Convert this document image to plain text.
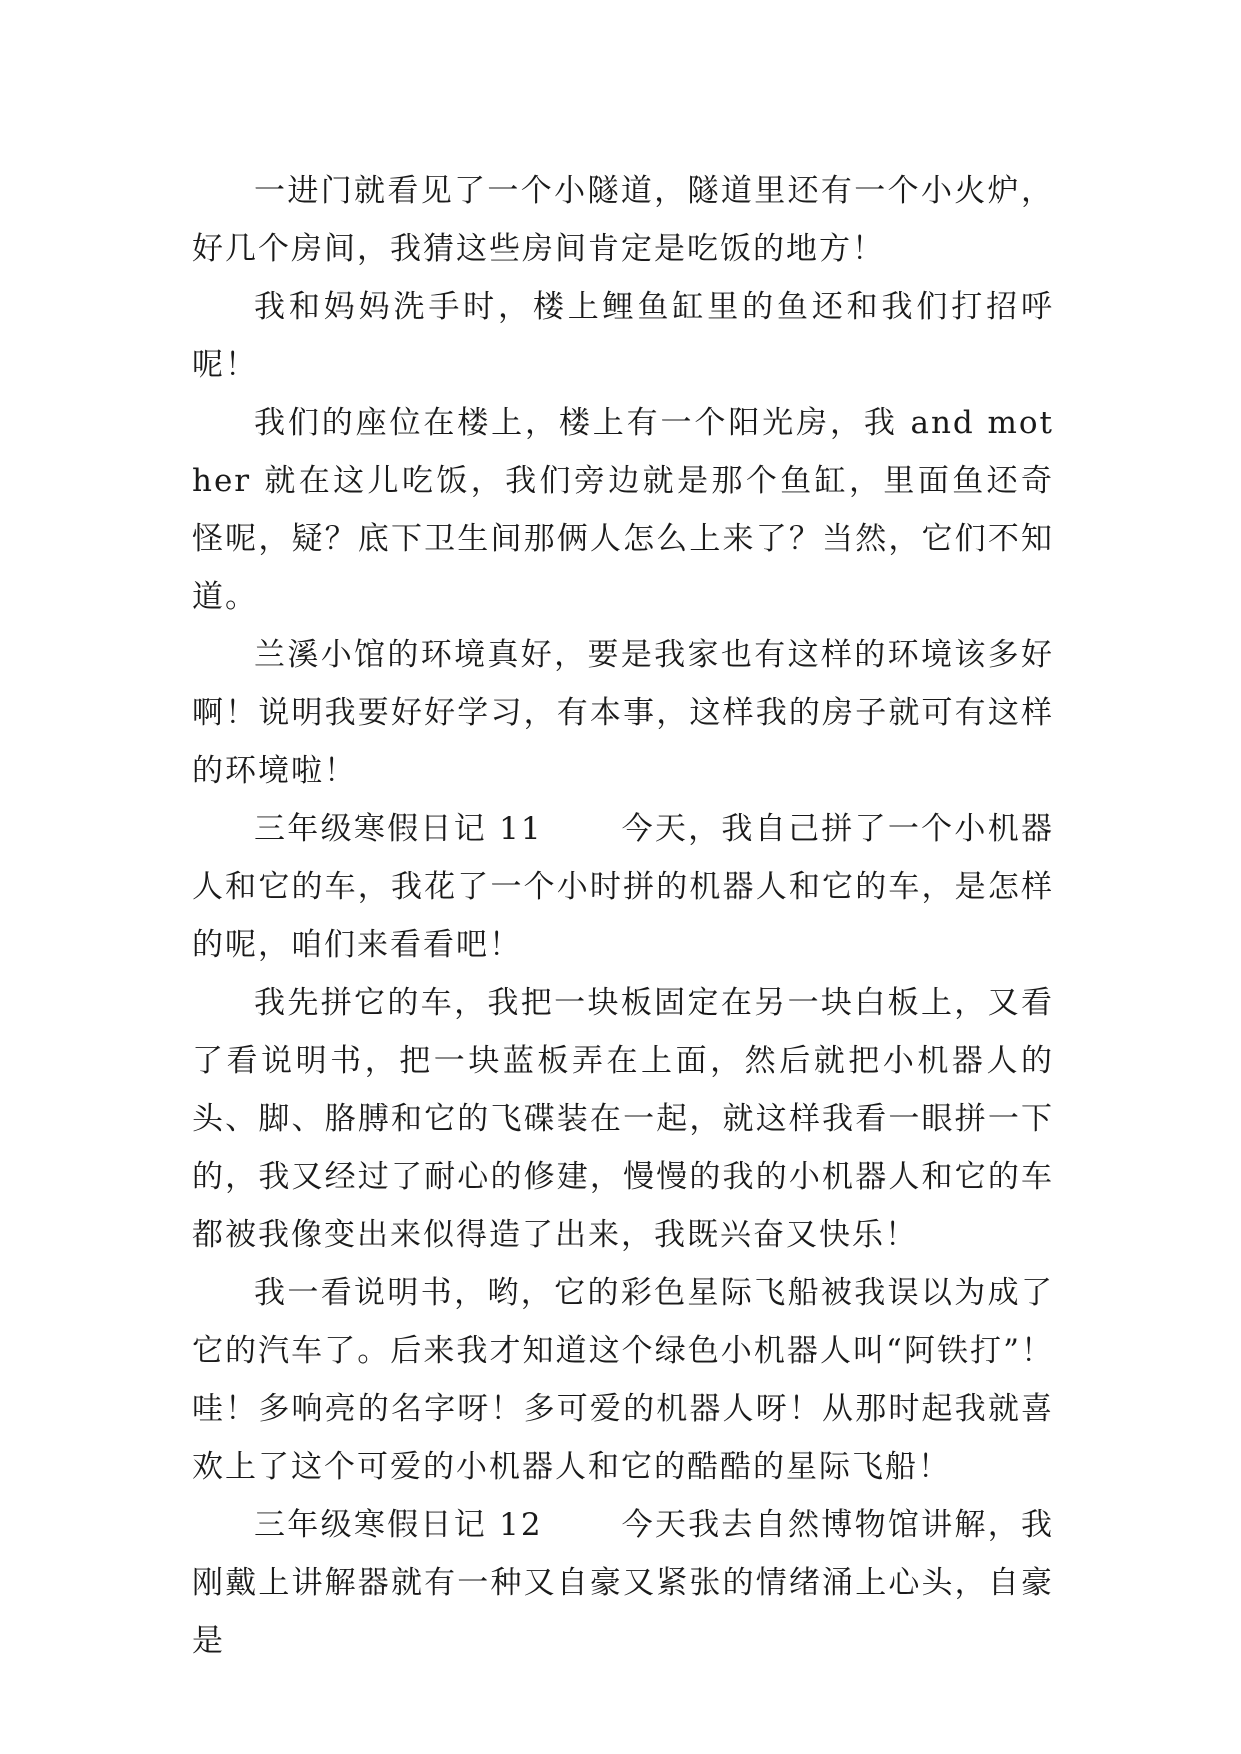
一进门就看见了一个小隧道，隧道里还有一个小火炉，好几个房间，我猜这些房间肯定是吃饭的地方！

我和妈妈洗手时，楼上鲤鱼缸里的鱼还和我们打招呼呢！

我们的座位在楼上，楼上有一个阳光房，我 and mother 就在这儿吃饭，我们旁边就是那个鱼缸，里面鱼还奇怪呢，疑？底下卫生间那俩人怎么上来了？当然，它们不知道。

兰溪小馆的环境真好，要是我家也有这样的环境该多好啊！说明我要好好学习，有本事，这样我的房子就可有这样的环境啦！

三年级寒假日记 11　　 今天，我自己拼了一个小机器人和它的车，我花了一个小时拼的机器人和它的车，是怎样的呢，咱们来看看吧！

我先拼它的车，我把一块板固定在另一块白板上，又看了看说明书，把一块蓝板弄在上面，然后就把小机器人的头、脚、胳膊和它的飞碟装在一起，就这样我看一眼拼一下的，我又经过了耐心的修建，慢慢的我的小机器人和它的车都被我像变出来似得造了出来，我既兴奋又快乐！

我一看说明书，哟，它的彩色星际飞船被我误以为成了它的汽车了。后来我才知道这个绿色小机器人叫“阿铁打”！哇！多响亮的名字呀！多可爱的机器人呀！从那时起我就喜欢上了这个可爱的小机器人和它的酷酷的星际飞船！

三年级寒假日记 12　　 今天我去自然博物馆讲解，我刚戴上讲解器就有一种又自豪又紧张的情绪涌上心头，自豪是
